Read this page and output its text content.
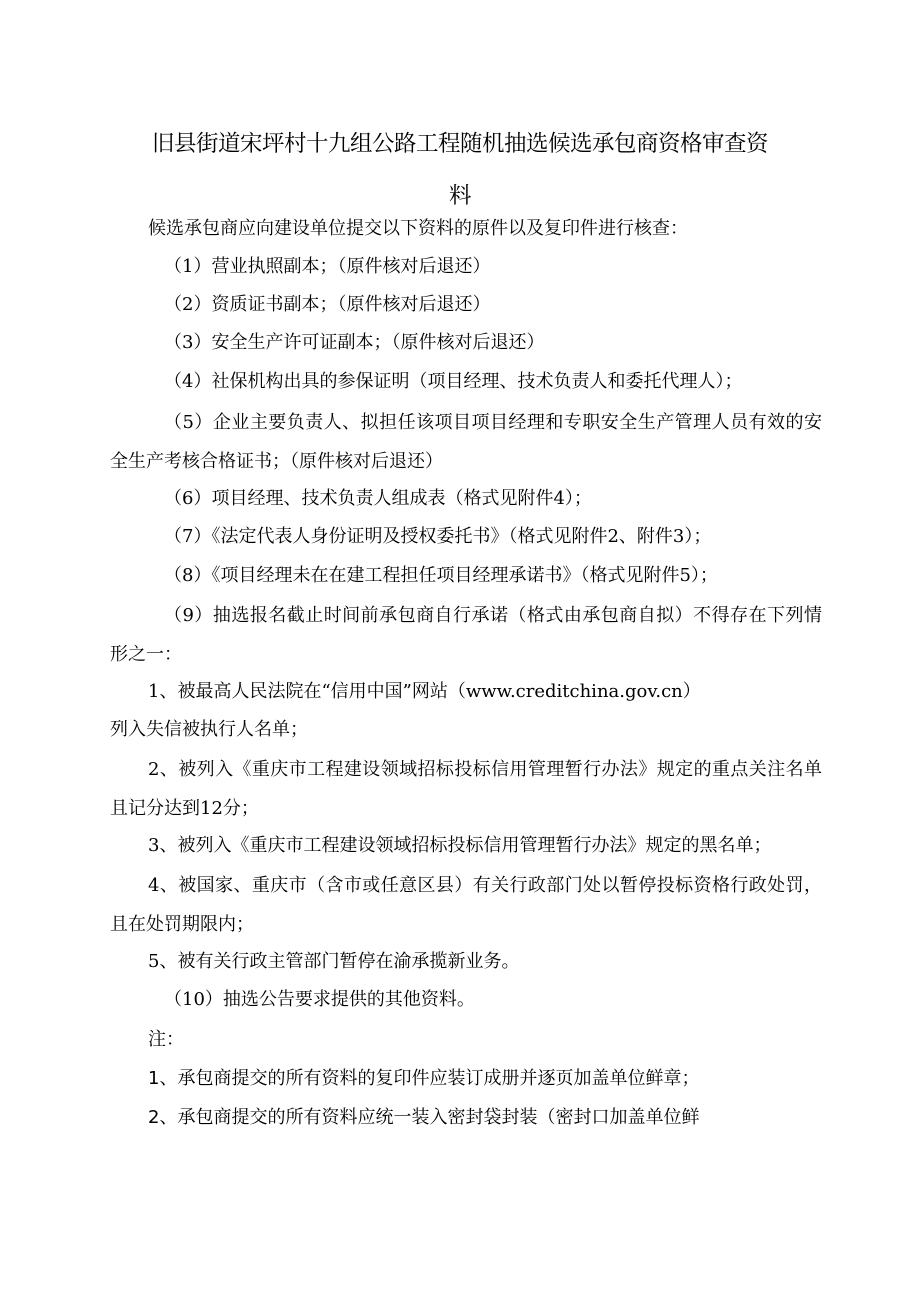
旧县街道宋坪村十九组公路工程随机抽选候选承包商资格审查资
料
候选承包商应向建设单位提交以下资料的原件以及复印件进行核查：
（1）营业执照副本；（原件核对后退还）
（2）资质证书副本；（原件核对后退还）
（3）安全生产许可证副本；（原件核对后退还）
（4）社保机构出具的参保证明（项目经理、技术负责人和委托代理人）；
（5）企业主要负责人、拟担任该项目项目经理和专职安全生产管理人员有效的安全生产考核合格证书；（原件核对后退还）
（6）项目经理、技术负责人组成表（格式见附件4）；
（7）《法定代表人身份证明及授权委托书》（格式见附件2、附件3）；
（8）《项目经理未在在建工程担任项目经理承诺书》（格式见附件5）；
（9）抽选报名截止时间前承包商自行承诺（格式由承包商自拟）不得存在下列情形之一：
1、被最高人民法院在“信用中国”网站（www.creditchina.gov.cn）
列入失信被执行人名单；
2、被列入《重庆市工程建设领域招标投标信用管理暂行办法》规定的重点关注名单且记分达到12分；
3、被列入《重庆市工程建设领域招标投标信用管理暂行办法》规定的黑名单；
4、被国家、重庆市（含市或任意区县）有关行政部门处以暂停投标资格行政处罚，且在处罚期限内；
5、被有关行政主管部门暂停在渝承揽新业务。
（10）抽选公告要求提供的其他资料。
注：
1、承包商提交的所有资料的复印件应装订成册并逐页加盖单位鲜章；
2、承包商提交的所有资料应统一装入密封袋封装（密封口加盖单位鲜
